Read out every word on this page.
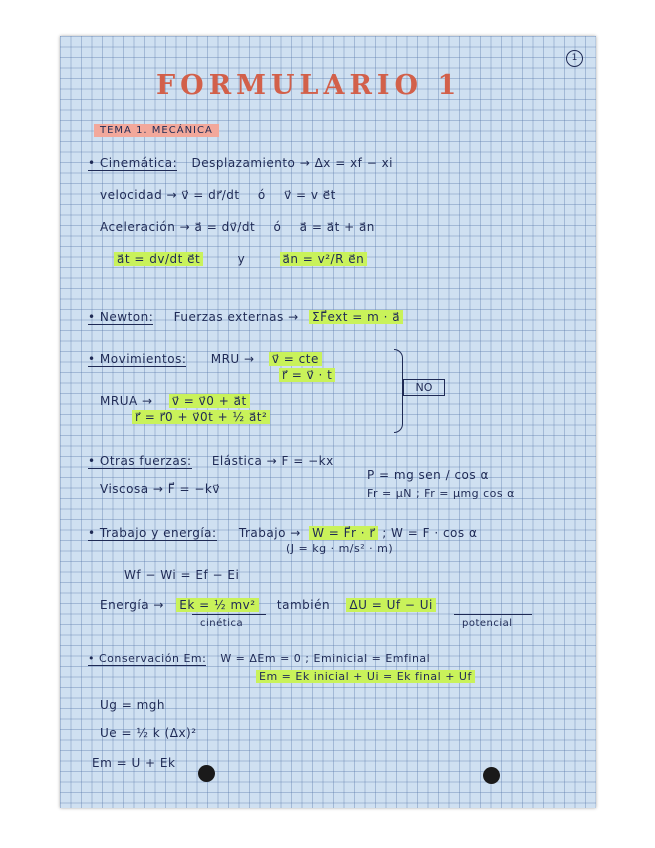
1
FORMULARIO 1
TEMA 1. MECÁNICA
• Cinemática: Desplazamiento → Δx = xf − xi
velocidad → v⃗ = dr⃗/dt ó v⃗ = v e⃗t
Aceleración → a⃗ = dv⃗/dt ó a⃗ = a⃗t + a⃗n
a⃗t = dv/dt e⃗t	y	a⃗n = v²/R e⃗n
• Newton: Fuerzas externas → ΣF⃗ext = m · a⃗
• Movimientos: MRU → v⃗ = cte
r⃗ = v⃗ · t
MRUA → v⃗ = v⃗0 + a⃗t
r⃗ = r⃗0 + v⃗0t + ½ a⃗t²
NO
• Otras fuerzas: Elástica → F = −kx
P = mg sen / cos α
Viscosa → F⃗ = −kv⃗	Fr = μN ; Fr = μmg cos α
• Trabajo y energía: Trabajo → W = F⃗r · r⃗ ; W = F · cos α
(J = kg · m/s² · m)
Wf − Wi = Ef − Ei
Energía → Ek = ½ mv² también ΔU = Uf − Ui
cinética	potencial
• Conservación Em: W = ΔEm = 0 ; Eminicial = Emfinal
Em = Ek inicial + Ui = Ek final + Uf
Ug = mgh
Ue = ½ k (Δx)²
Em = U + Ek
